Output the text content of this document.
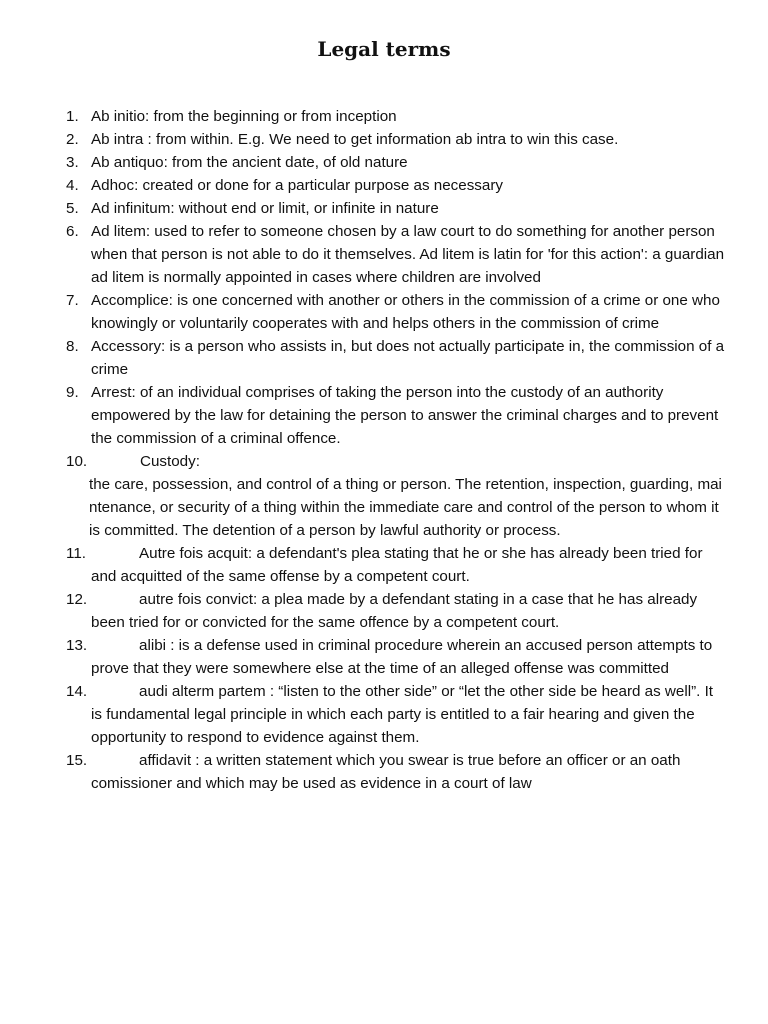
Legal terms
1. Ab initio: from the beginning or from inception
2. Ab intra : from within. E.g. We need to get information ab intra to win this case.
3. Ab antiquo: from the ancient date, of old nature
4. Adhoc: created or done for a particular purpose as necessary
5. Ad infinitum: without end or limit, or infinite in nature
6. Ad litem: used to refer to someone chosen by a law court to do something for another person when that person is not able to do it themselves. Ad litem is latin for 'for this action': a guardian ad litem is normally appointed in cases where children are involved
7. Accomplice: is one concerned with another or others in the commission of a crime or one who knowingly or voluntarily cooperates with and helps others in the commission of crime
8. Accessory: is a person who assists in, but does not actually participate in, the commission of a crime
9. Arrest: of an individual comprises of taking the person into the custody of an authority empowered by the law for detaining the person to answer the criminal charges and to prevent the commission of a criminal offence.
10.	Custody:
the care, possession, and control of a thing or person. The retention, inspection, guarding, maintenance, or security of a thing within the immediate care and control of the person to whom it is committed. The detention of a person by lawful authority or process.
11.	Autre fois acquit: a defendant's plea stating that he or she has already been tried for and acquitted of the same offense by a competent court.
12.	autre fois convict: a plea made by a defendant stating in a case that he has already been tried for or convicted for the same offence by a competent court.
13.	alibi : is a defense used in criminal procedure wherein an accused person attempts to prove that they were somewhere else at the time of an alleged offense was committed
14.	audi alterm partem : “listen to the other side” or “let the other side be heard as well”. It is fundamental legal principle in which each party is entitled to a fair hearing and given the opportunity to respond to evidence against them.
15.	affidavit : a written statement which you swear is true before an officer or an oath comissioner and which may be used as evidence in a court of law
